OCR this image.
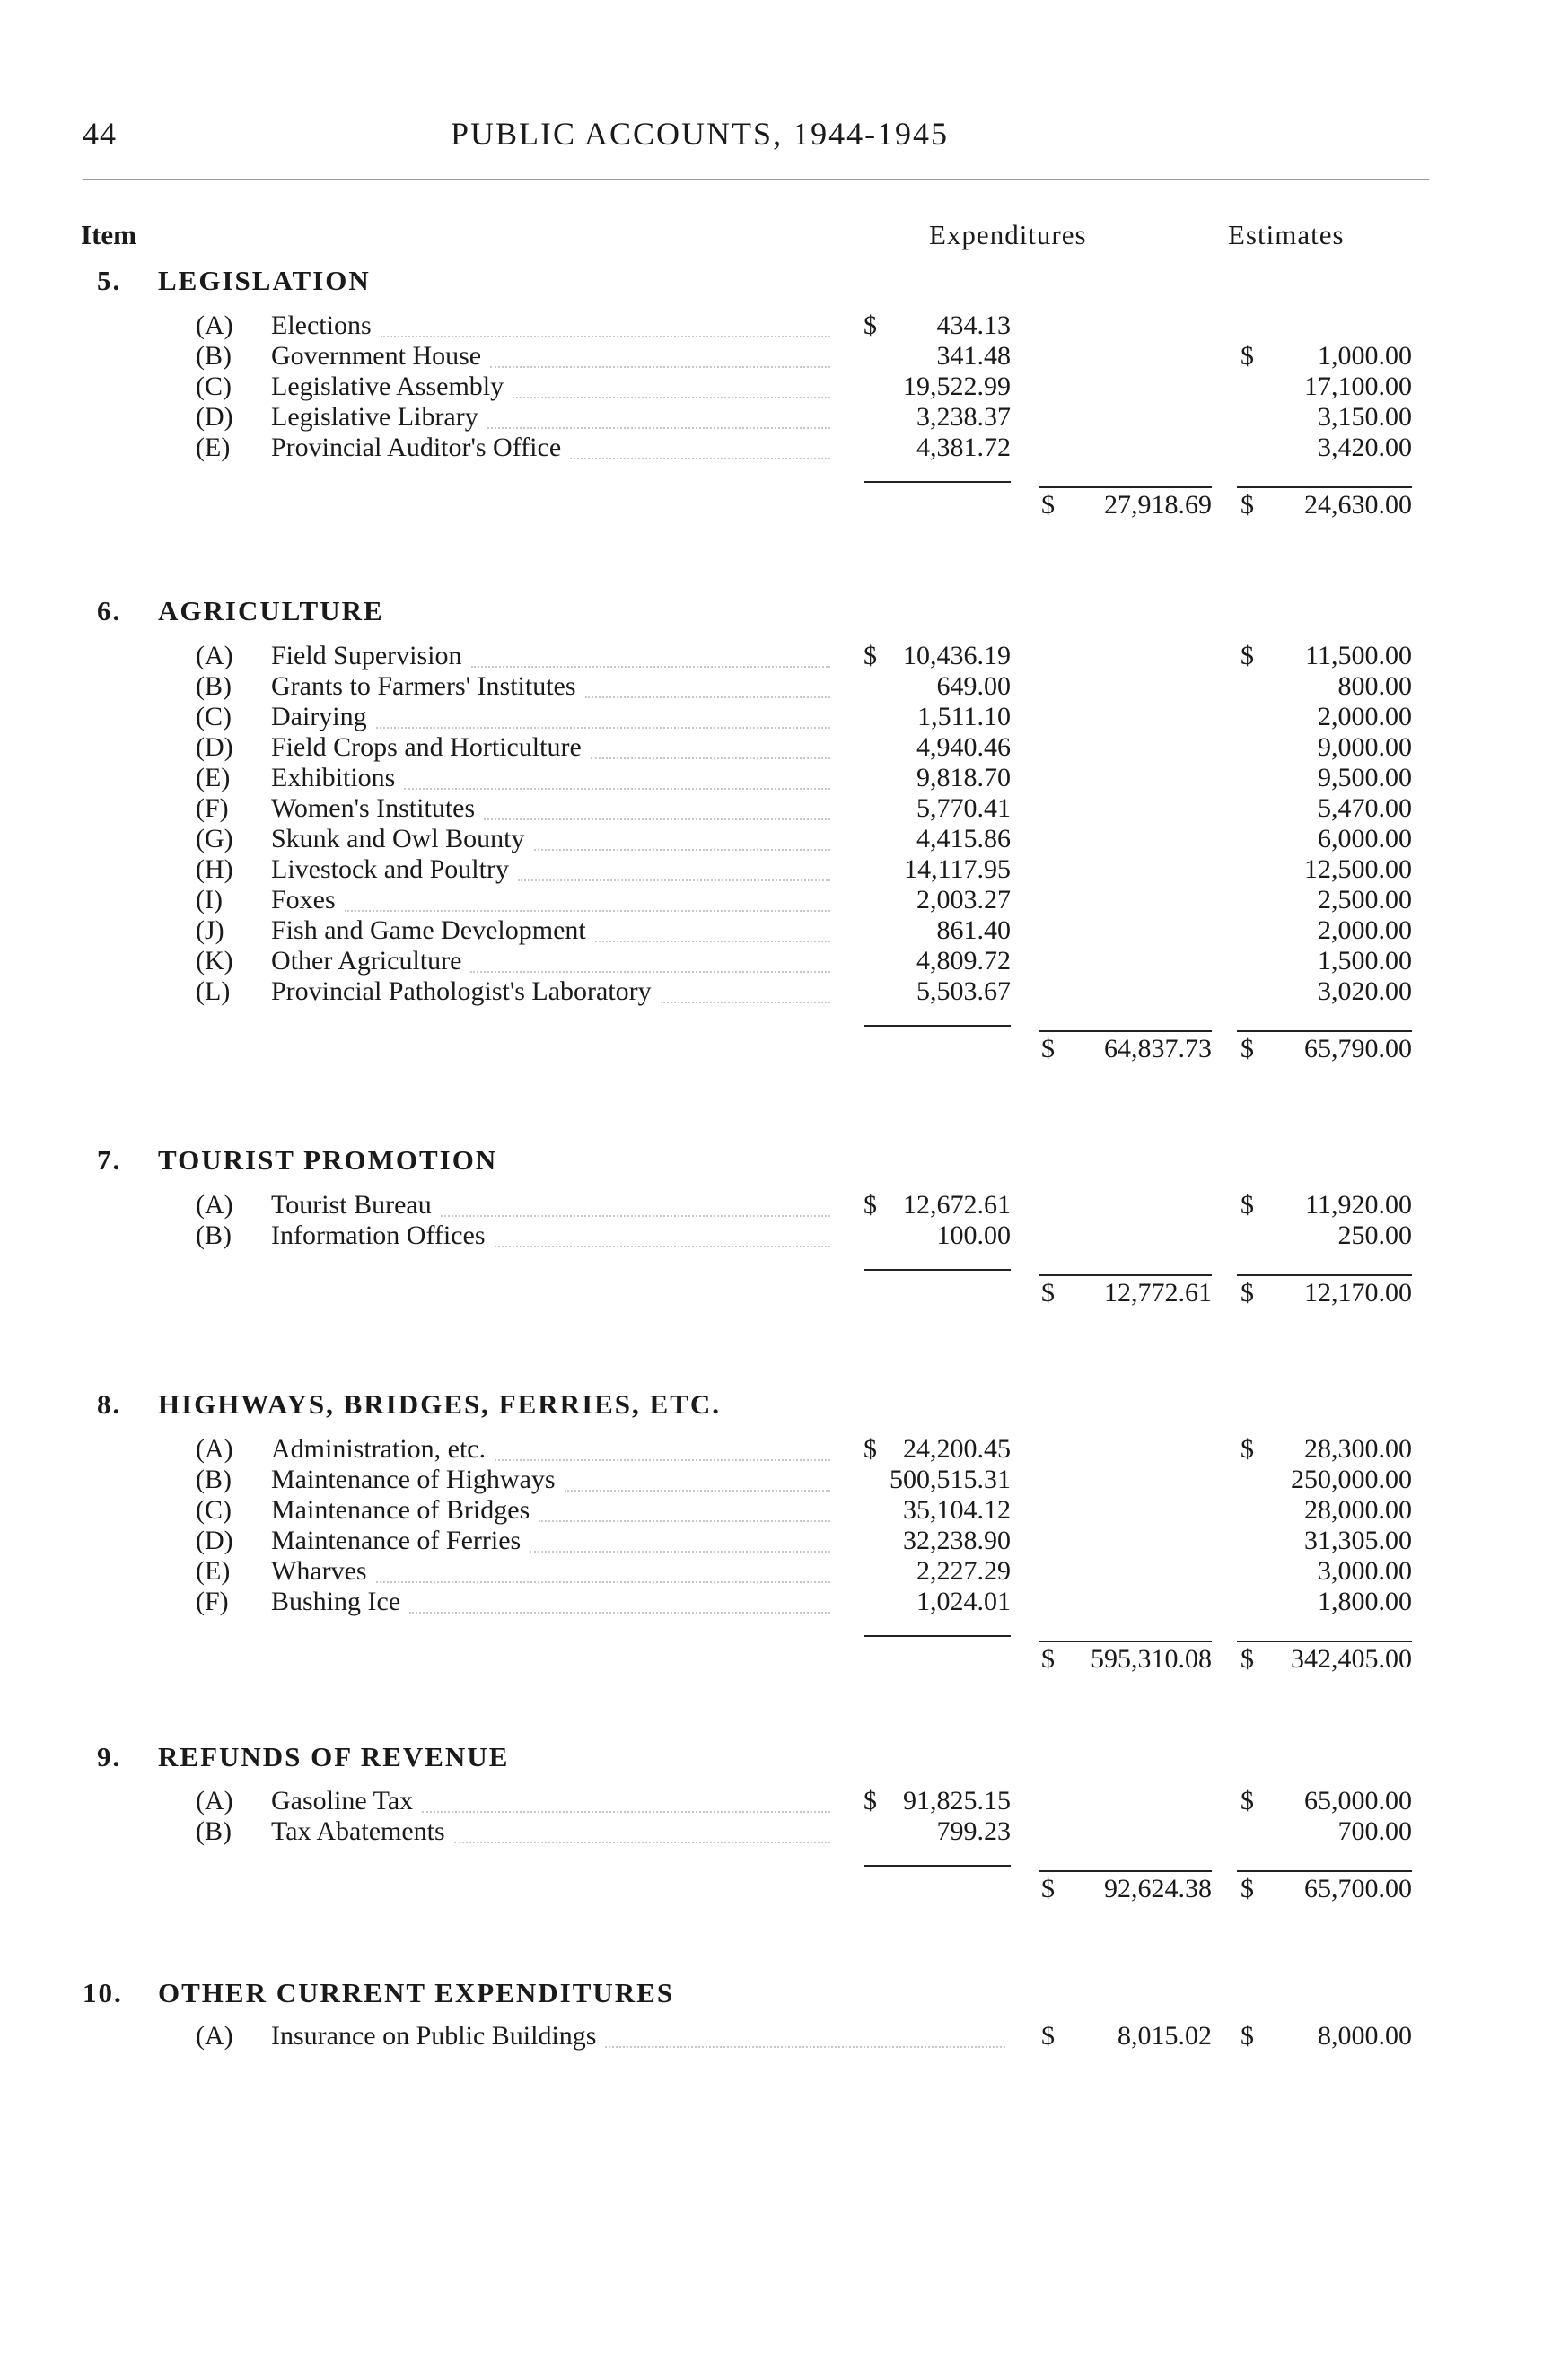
44	PUBLIC ACCOUNTS, 1944-1945
Item	Expenditures	Estimates
5. LEGISLATION
(A) Elections	$ 434.13
(B) Government House	341.48	$ 1,000.00
(C) Legislative Assembly	19,522.99	17,100.00
(D) Legislative Library	3,238.37	3,150.00
(E) Provincial Auditor's Office	4,381.72	3,420.00
$ 27,918.69 $ 24,630.00
6. AGRICULTURE
(A) Field Supervision	$ 10,436.19	$ 11,500.00
(B) Grants to Farmers' Institutes	649.00	800.00
(C) Dairying	1,511.10	2,000.00
(D) Field Crops and Horticulture	4,940.46	9,000.00
(E) Exhibitions	9,818.70	9,500.00
(F) Women's Institutes	5,770.41	5,470.00
(G) Skunk and Owl Bounty	4,415.86	6,000.00
(H) Livestock and Poultry	14,117.95	12,500.00
(I) Foxes	2,003.27	2,500.00
(J) Fish and Game Development	861.40	2,000.00
(K) Other Agriculture	4,809.72	1,500.00
(L) Provincial Pathologist's Laboratory	5,503.67	3,020.00
$ 64,837.73 $ 65,790.00
7. TOURIST PROMOTION
(A) Tourist Bureau	$ 12,672.61	$ 11,920.00
(B) Information Offices	100.00	250.00
$ 12,772.61 $ 12,170.00
8. HIGHWAYS, BRIDGES, FERRIES, ETC.
(A) Administration, etc.	$ 24,200.45	$ 28,300.00
(B) Maintenance of Highways	500,515.31	250,000.00
(C) Maintenance of Bridges	35,104.12	28,000.00
(D) Maintenance of Ferries	32,238.90	31,305.00
(E) Wharves	2,227.29	3,000.00
(F) Bushing Ice	1,024.01	1,800.00
$ 595,310.08 $ 342,405.00
9. REFUNDS OF REVENUE
(A) Gasoline Tax	$ 91,825.15	$ 65,000.00
(B) Tax Abatements	799.23	700.00
$ 92,624.38 $ 65,700.00
10. OTHER CURRENT EXPENDITURES
(A) Insurance on Public Buildings	$ 8,015.02 $ 8,000.00
